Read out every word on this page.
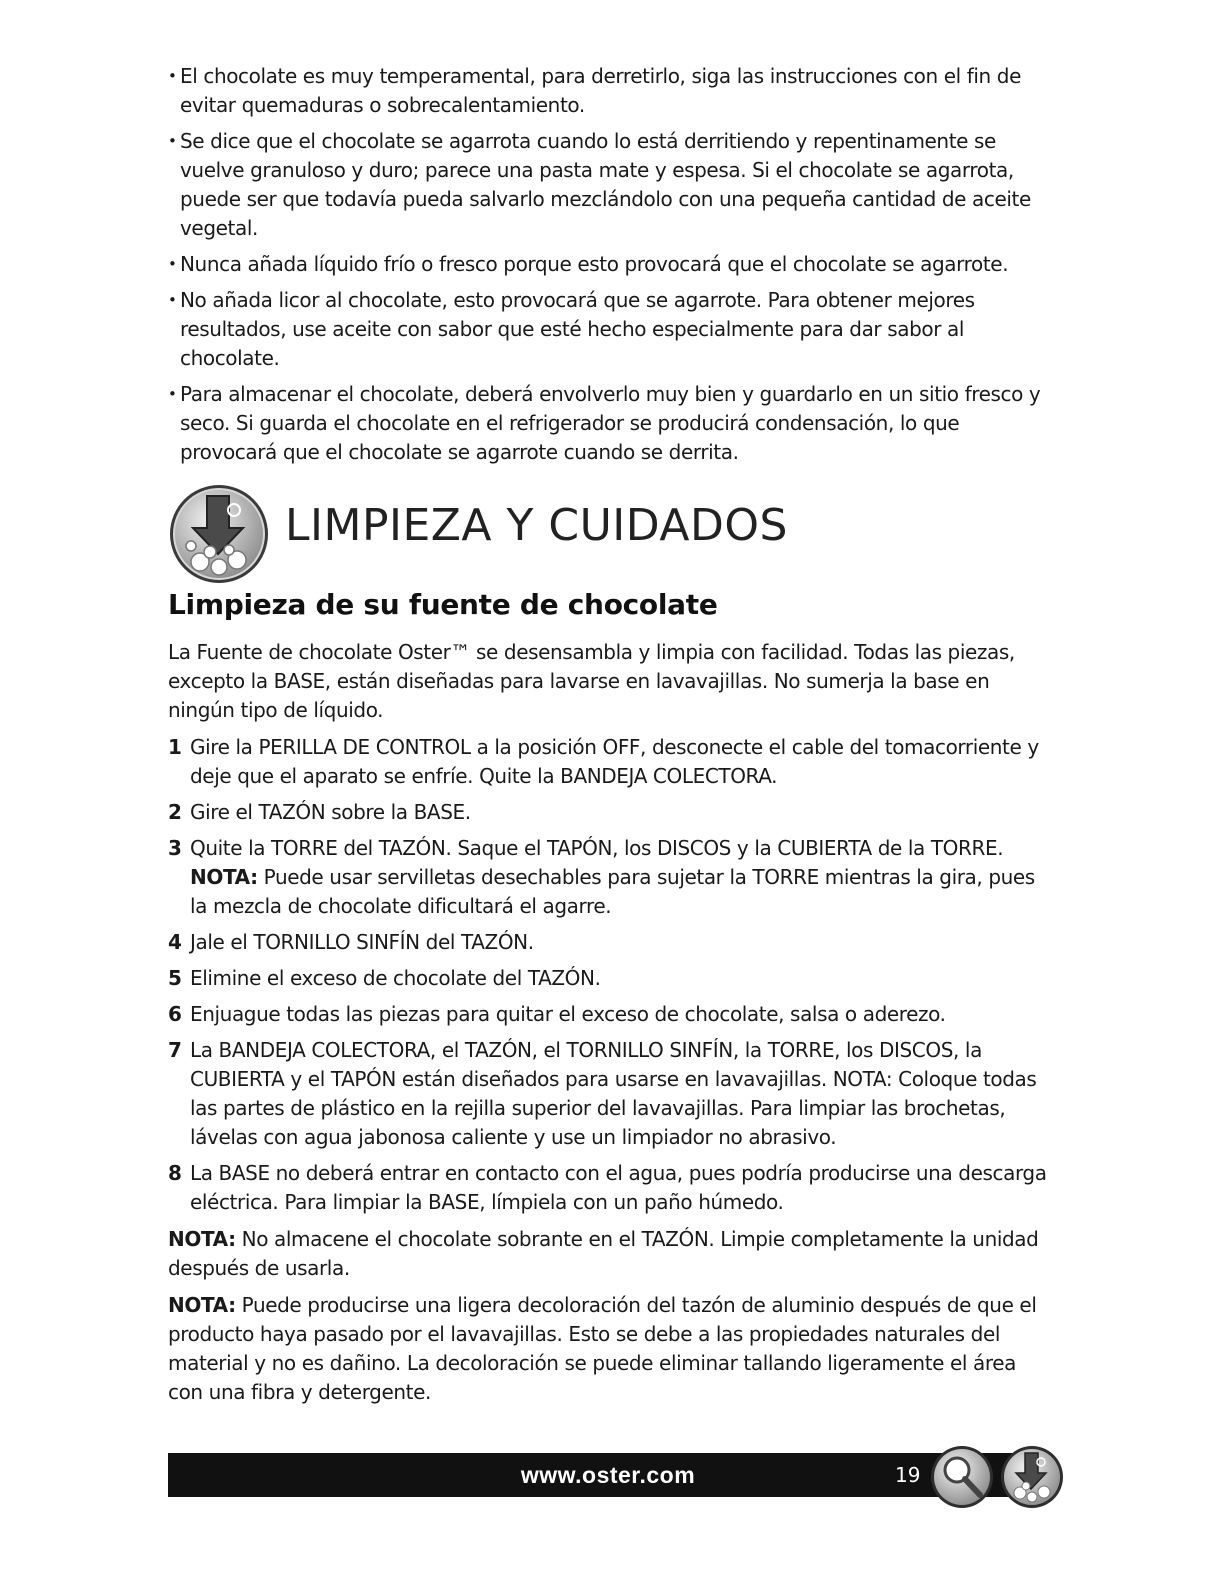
• El chocolate es muy temperamental, para derretirlo, siga las instrucciones con el fin de evitar quemaduras o sobrecalentamiento.
• Se dice que el chocolate se agarrota cuando lo está derritiendo y repentinamente se vuelve granuloso y duro; parece una pasta mate y espesa. Si el chocolate se agarrota, puede ser que todavía pueda salvarlo mezclándolo con una pequeña cantidad de aceite vegetal.
• Nunca añada líquido frío o fresco porque esto provocará que el chocolate se agarrote.
• No añada licor al chocolate, esto provocará que se agarrote. Para obtener mejores resultados, use aceite con sabor que esté hecho especialmente para dar sabor al chocolate.
• Para almacenar el chocolate, deberá envolverlo muy bien y guardarlo en un sitio fresco y seco. Si guarda el chocolate en el refrigerador se producirá condensación, lo que provocará que el chocolate se agarrote cuando se derrita.
LIMPIEZA Y CUIDADOS
Limpieza de su fuente de chocolate

La Fuente de chocolate Oster™ se desensambla y limpia con facilidad. Todas las piezas, excepto la BASE, están diseñadas para lavarse en lavavajillas. No sumerja la base en ningún tipo de líquido.

1 Gire la PERILLA DE CONTROL a la posición OFF, desconecte el cable del tomacorriente y deje que el aparato se enfríe. Quite la BANDEJA COLECTORA.
2 Gire el TAZÓN sobre la BASE.
3 Quite la TORRE del TAZÓN. Saque el TAPÓN, los DISCOS y la CUBIERTA de la TORRE.
NOTA: Puede usar servilletas desechables para sujetar la TORRE mientras la gira, pues la mezcla de chocolate dificultará el agarre.
4 Jale el TORNILLO SINFÍN del TAZÓN.
5 Elimine el exceso de chocolate del TAZÓN.
6 Enjuague todas las piezas para quitar el exceso de chocolate, salsa o aderezo.
7 La BANDEJA COLECTORA, el TAZÓN, el TORNILLO SINFÍN, la TORRE, los DISCOS, la CUBIERTA y el TAPÓN están diseñados para usarse en lavavajillas. NOTA: Coloque todas las partes de plástico en la rejilla superior del lavavajillas. Para limpiar las brochetas, lávelas con agua jabonosa caliente y use un limpiador no abrasivo.
8 La BASE no deberá entrar en contacto con el agua, pues podría producirse una descarga eléctrica. Para limpiar la BASE, límpiela con un paño húmedo.

NOTA: No almacene el chocolate sobrante en el TAZÓN. Limpie completamente la unidad después de usarla.

NOTA: Puede producirse una ligera decoloración del tazón de aluminio después de que el producto haya pasado por el lavavajillas. Esto se debe a las propiedades naturales del material y no es dañino. La decoloración se puede eliminar tallando ligeramente el área con una fibra y detergente.

www.oster.com	19
